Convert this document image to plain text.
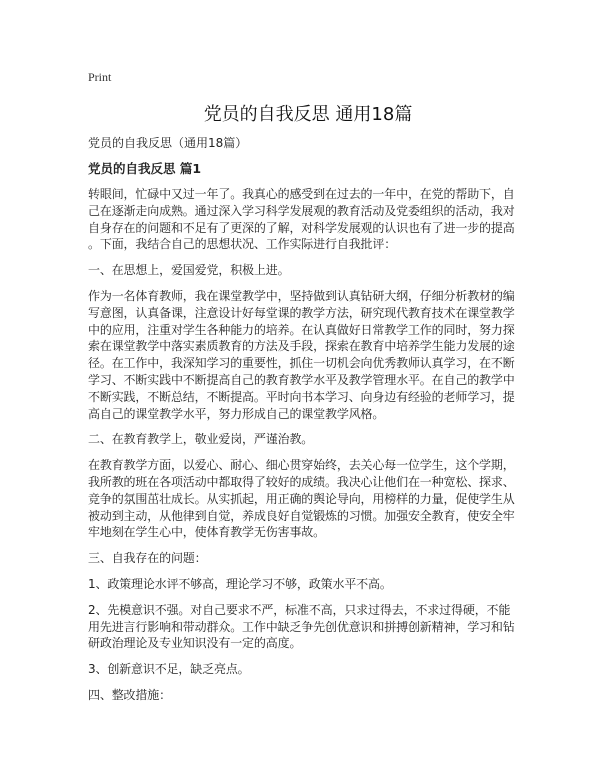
Print
党员的自我反思 通用18篇
党员的自我反思（通用18篇）
党员的自我反思 篇1
转眼间，忙碌中又过一年了。我真心的感受到在过去的一年中，在党的帮助下，自
己在逐渐走向成熟。通过深入学习科学发展观的教育活动及党委组织的活动，我对
自身存在的问题和不足有了更深的了解，对科学发展观的认识也有了进一步的提高
。下面，我结合自己的思想状况、工作实际进行自我批评：
一、在思想上，爱国爱党，积极上进。
作为一名体育教师，我在课堂教学中，坚持做到认真钻研大纲，仔细分析教材的编
写意图，认真备课，注意设计好每堂课的教学方法，研究现代教育技术在课堂教学
中的应用，注重对学生各种能力的培养。在认真做好日常教学工作的同时，努力探
索在课堂教学中落实素质教育的方法及手段，探索在教育中培养学生能力发展的途
径。在工作中，我深知学习的重要性，抓住一切机会向优秀教师认真学习，在不断
学习、不断实践中不断提高自己的教育教学水平及教学管理水平。在自己的教学中
不断实践，不断总结，不断提高。平时向书本学习、向身边有经验的老师学习，提
高自己的课堂教学水平，努力形成自己的课堂教学风格。
二、在教育教学上，敬业爱岗，严谨治教。
在教育教学方面，以爱心、耐心、细心贯穿始终，去关心每一位学生，这个学期，
我所教的班在各项活动中都取得了较好的成绩。我决心让他们在一种宽松、探求、
竞争的氛围茁壮成长。从实抓起，用正确的舆论导向，用榜样的力量，促使学生从
被动到主动，从他律到自觉，养成良好自觉锻炼的习惯。加强安全教育，使安全牢
牢地刻在学生心中，使体育教学无伤害事故。
三、自我存在的问题：
1、政策理论水评不够高，理论学习不够，政策水平不高。
2、先模意识不强。对自己要求不严，标准不高，只求过得去，不求过得硬，不能
用先进言行影响和带动群众。工作中缺乏争先创优意识和拼搏创新精神，学习和钻
研政治理论及专业知识没有一定的高度。
3、创新意识不足，缺乏亮点。
四、整改措施：
